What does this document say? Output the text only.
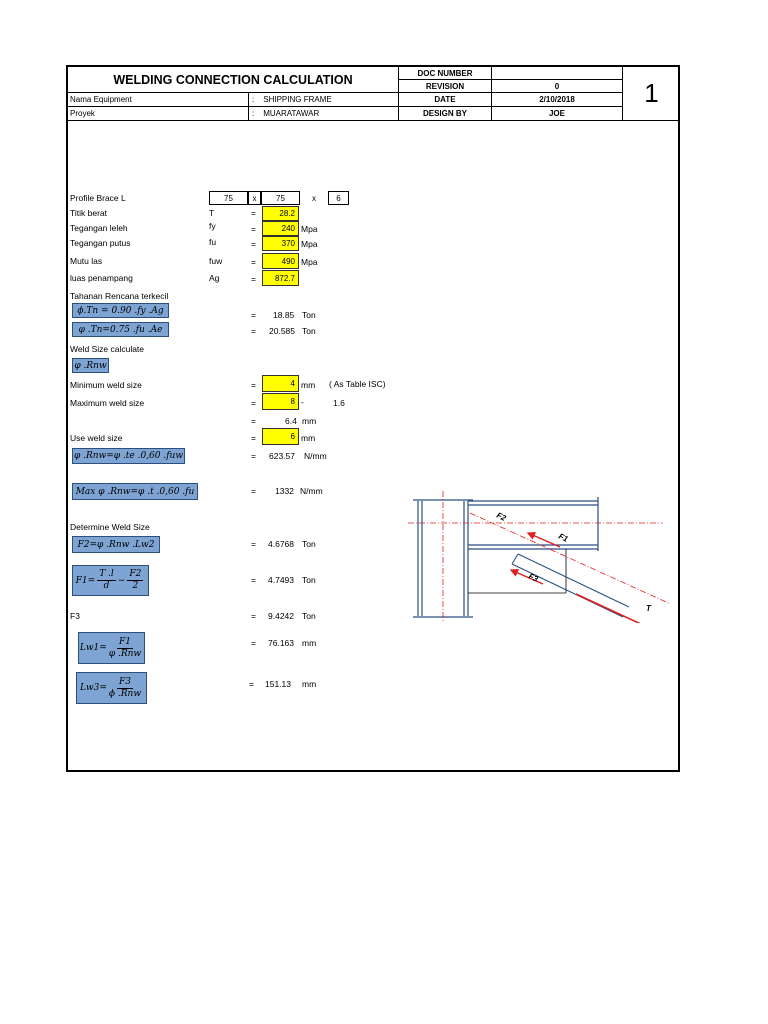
WELDING CONNECTION CALCULATION	DOC NUMBER
REVISION	0	1
Nama Equipment	: SHIPPING FRAME	DATE	2/10/2018
Proyek	: MUARATAWAR	DESIGN BY	JOE
Profile Brace L	75	x	75	x	6
Titik berat	T	=	28.2
Tegangan leleh	fy	=	240 Mpa
Tegangan putus	fu	=	370 Mpa
Mutu las	fuw	=	490 Mpa
luas penampang	Ag	=	872.7
Tahanan Rencana terkecil
ϕ.Tn = 0.90 .fy .Ag	= 18.85 Ton
φ .Tn=0.75 .fu .Ae	= 20.585 Ton
Weld Size calculate
φ .Rnw
Minimum weld size	=	4 mm ( As Table ISC)
Maximum weld size	=	8 -	1.6
=	6.4 mm
Use weld size	=	6 mm
φ .Rnw=φ .te .0,60 .fuw	= 623.57 N/mm
Max φ .Rnw=φ .t .0,60 .fu	= 1332 N/mm
Determine Weld Size
F2=φ .Rnw .Lw2	= 4.6768 Ton
$F1= \frac{T .l}{d} - \frac{F2}{2}$	= 4.7493 Ton
F3	= 9.4242 Ton
$Lw1= \frac{F1}{\text{φ .Rnw}}$	= 76.163 mm
$Lw3= \frac{F3}{\text{ϕ .Rnw}}$	= 151.13 mm
F1
F2
F3
T
